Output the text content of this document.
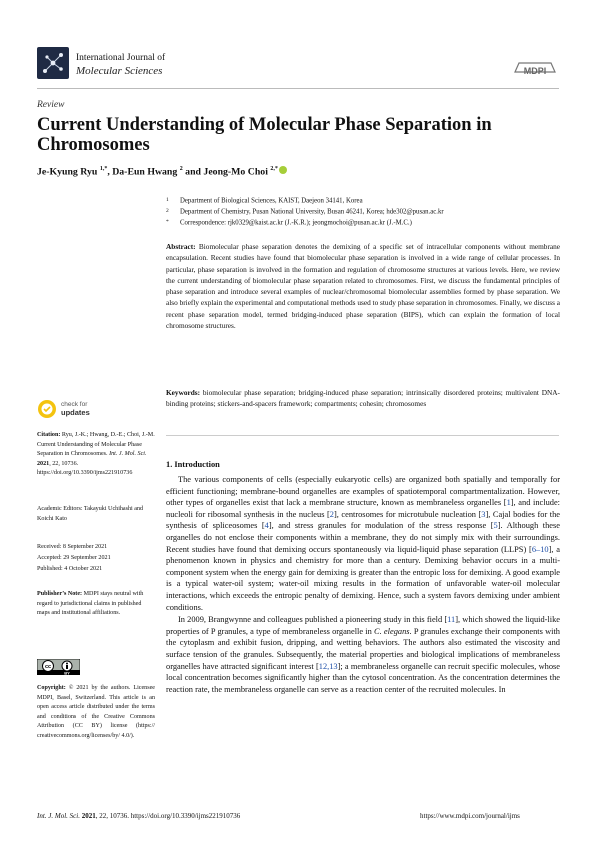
International Journal of
Molecular Sciences	MDPI
Review
Current Understanding of Molecular Phase Separation in Chromosomes
Je-Kyung Ryu $^{1,*}$, Da-Eun Hwang $^2$ and Jeong-Mo Choi $^{2,*}$
1 Department of Biological Sciences, KAIST, Daejeon 34141, Korea
2 Department of Chemistry, Pusan National University, Busan 46241, Korea; hde302@pusan.ac.kr
* Correspondence: rjk0329@kaist.ac.kr (J.-K.R.); jeongmochoi@pusan.ac.kr (J.-M.C.)
Abstract: Biomolecular phase separation denotes the demixing of a specific set of intracellular components without membrane encapsulation. Recent studies have found that biomolecular phase separation is involved in a wide range of cellular processes. In particular, phase separation is involved in the formation and regulation of chromosome structures at various levels. Here, we review the current understanding of biomolecular phase separation related to chromosomes. First, we discuss the fundamental principles of phase separation and introduce several examples of nuclear/chromosomal biomolecular assemblies formed by phase separation. We also briefly explain the experimental and computational methods used to study phase separation in chromosomes. Finally, we discuss a recent phase separation model, termed bridging-induced phase separation (BIPS), which can explain the formation of local chromosome structures.
Keywords: biomolecular phase separation; bridging-induced phase separation; intrinsically disordered proteins; multivalent DNA-binding proteins; stickers-and-spacers framework; compartments; cohesin; chromosomes
check for
updates
Citation: Ryu, J.-K.; Hwang, D.-E.; Choi, J.-M. Current Understanding of Molecular Phase Separation in Chromosomes. Int. J. Mol. Sci. 2021, 22, 10736. https://doi.org/10.3390/ijms221910736
Academic Editors: Takayuki Uchihashi and Koichi Kato
Received: 8 September 2021
Accepted: 29 September 2021
Published: 4 October 2021
Publisher’s Note: MDPI stays neutral with regard to jurisdictional claims in published maps and institutional affiliations.
cc
BY
Copyright: © 2021 by the authors. Licensee MDPI, Basel, Switzerland. This article is an open access article distributed under the terms and conditions of the Creative Commons Attribution (CC BY) license (https:// creativecommons.org/licenses/by/ 4.0/).
1. Introduction

The various components of cells (especially eukaryotic cells) are organized both spatially and temporally for efficient functioning; membrane-bound organelles are examples of spatiotemporal compartmentalization. However, other types of organelles exist that lack a membrane structure, known as membraneless organelles [1], and include: nucleoli for ribosomal synthesis in the nucleus [2], centrosomes for microtubule nucleation [3], Cajal bodies for the synthesis of spliceosomes [4], and stress granules for modulation of the stress response [5]. Although these organelles do not enclose their components within a membrane, they do not simply mix with their surroundings. Recent studies have found that demixing occurs spontaneously via liquid-liquid phase separation (LLPS) [6–10], a phenomenon known in physics and chemistry for more than a century. Demixing behavior occurs in a multi-component system when the energy gain for demixing is greater than the entropic loss for demixing. A good example is a typical water-oil system; water-oil mixing results in the formation of unfavorable water-oil molecular interactions, which exceeds the entropic penalty of demixing. Hence, such a system favors demixing under ambient conditions.

In 2009, Brangwynne and colleagues published a pioneering study in this field [11], which showed the liquid-like properties of P granules, a type of membraneless organelle in C. elegans. P granules exchange their components with the cytoplasm and exhibit fusion, dripping, and wetting behaviors. The authors also estimated the viscosity and surface tension of the granules. Subsequently, the material properties and biological implications of membraneless organelles have attracted significant interest [12,13]; a membraneless organelle can recruit specific molecules, whose local concentration becomes significantly higher than the cytosol concentration. As the concentration determines the reaction rate, the membraneless organelle can serve as a reaction center of the recruited molecules. In

Int. J. Mol. Sci. 2021, 22, 10736. https://doi.org/10.3390/ijms221910736	https://www.mdpi.com/journal/ijms
